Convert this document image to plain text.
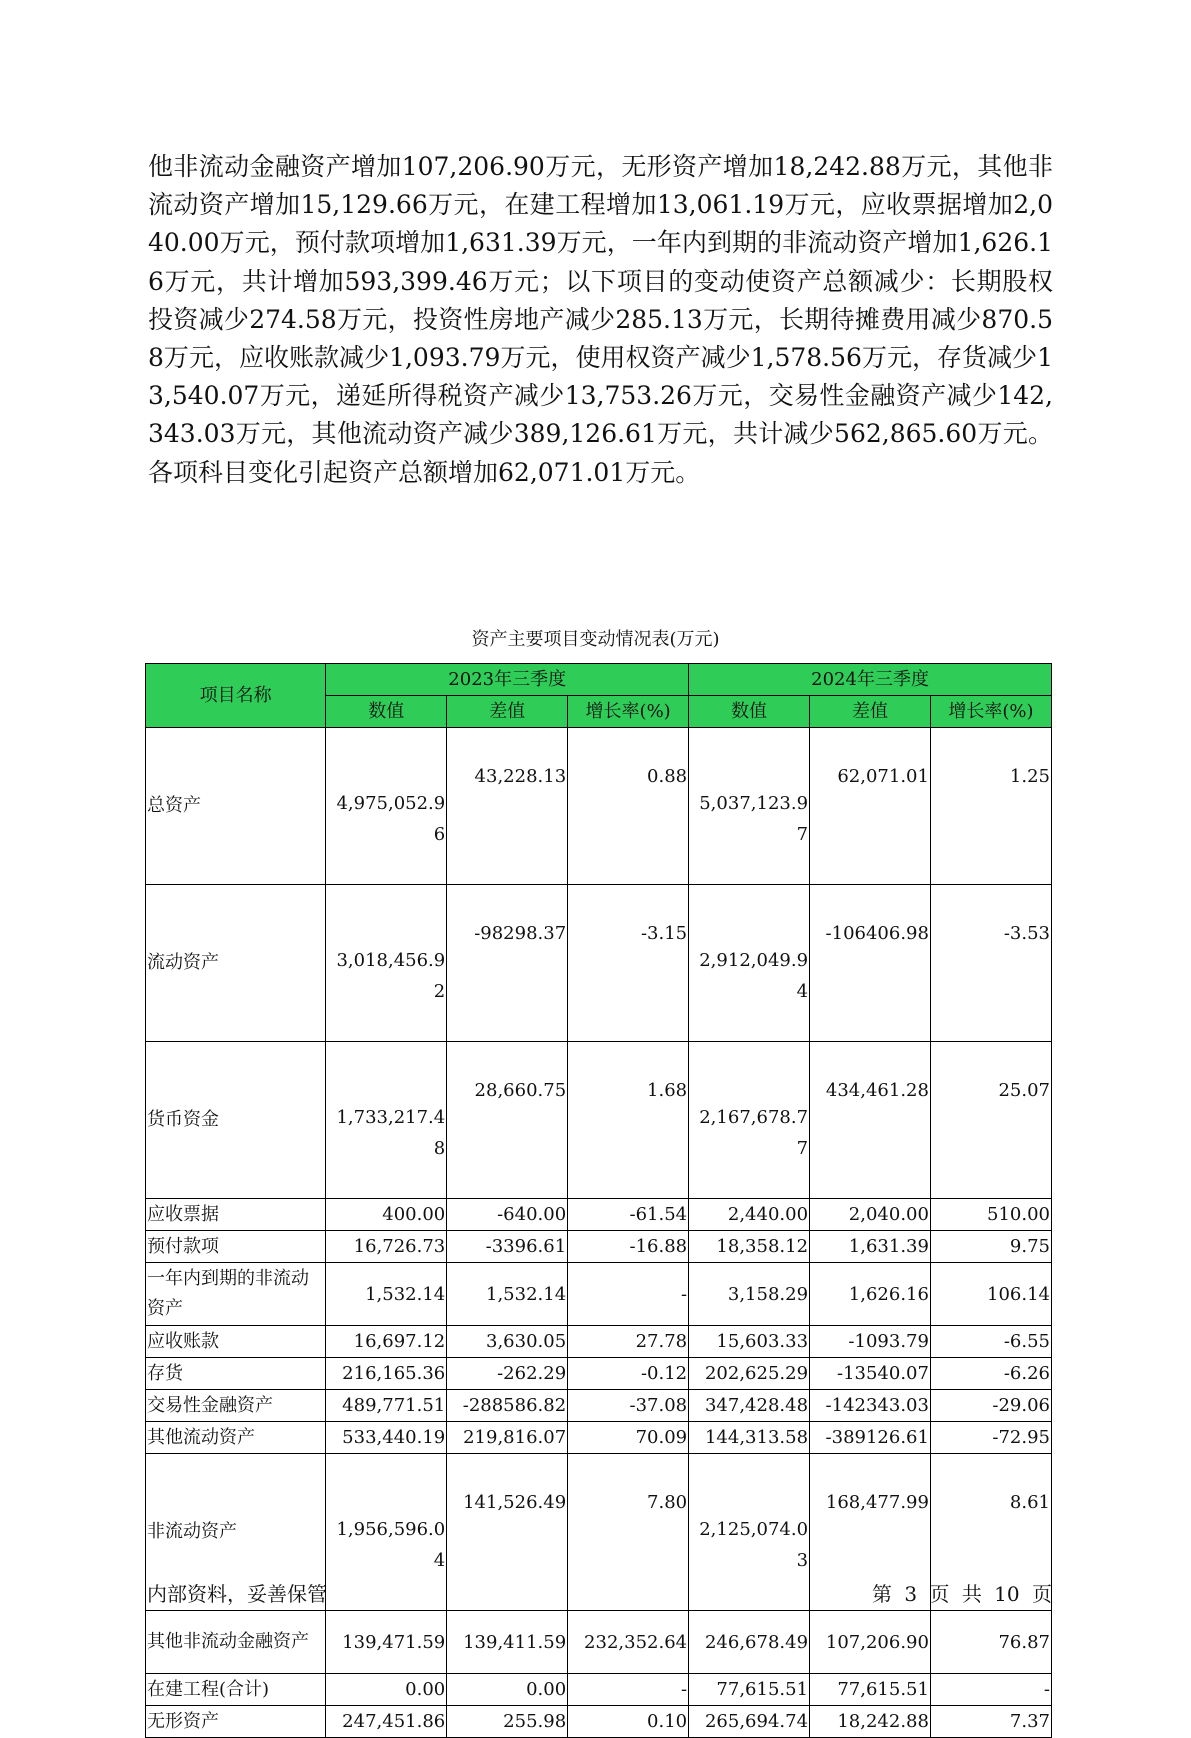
他非流动金融资产增加107,206.90万元，无形资产增加18,242.88万元，其他非流动资产增加15,129.66万元，在建工程增加13,061.19万元，应收票据增加2,040.00万元，预付款项增加1,631.39万元，一年内到期的非流动资产增加1,626.16万元，共计增加593,399.46万元；以下项目的变动使资产总额减少：长期股权投资减少274.58万元，投资性房地产减少285.13万元，长期待摊费用减少870.58万元，应收账款减少1,093.79万元，使用权资产减少1,578.56万元，存货减少13,540.07万元，递延所得税资产减少13,753.26万元，交易性金融资产减少142,343.03万元，其他流动资产减少389,126.61万元，共计减少562,865.60万元。各项科目变化引起资产总额增加62,071.01万元。

资产主要项目变动情况表(万元)
项目名称	2023年三季度			2024年三季度		
	数值	差值	增长率(%)	数值	差值	增长率(%)
总资产	4,975,052.96	43,228.13	0.88	5,037,123.97	62,071.01	1.25
流动资产	3,018,456.92	-98298.37	-3.15	2,912,049.94	-106406.98	-3.53
货币资金	1,733,217.48	28,660.75	1.68	2,167,678.77	434,461.28	25.07
应收票据	400.00	-640.00	-61.54	2,440.00	2,040.00	510.00
预付款项	16,726.73	-3396.61	-16.88	18,358.12	1,631.39	9.75
一年内到期的非流动资产	1,532.14	1,532.14	-	3,158.29	1,626.16	106.14
应收账款	16,697.12	3,630.05	27.78	15,603.33	-1093.79	-6.55
存货	216,165.36	-262.29	-0.12	202,625.29	-13540.07	-6.26
交易性金融资产	489,771.51	-288586.82	-37.08	347,428.48	-142343.03	-29.06
其他流动资产	533,440.19	219,816.07	70.09	144,313.58	-389126.61	-72.95
非流动资产	1,956,596.04	141,526.49	7.80	2,125,074.03	168,477.99	8.61
其他非流动金融资产	139,471.59	139,411.59	232,352.64	246,678.49	107,206.90	76.87
在建工程(合计)	0.00	0.00	-	77,615.51	77,615.51	-
无形资产	247,451.86	255.98	0.10	265,694.74	18,242.88	7.37
内部资料，妥善保管	第 3 页 共 10 页
